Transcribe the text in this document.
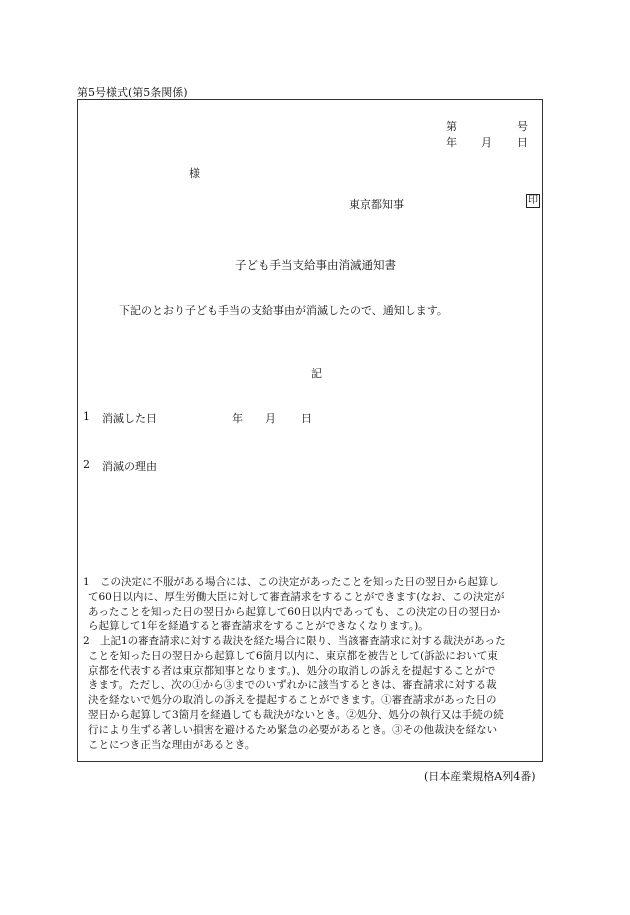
第5号様式(第5条関係)
第	号
年 月 日
様
東京都知事	印
子ども手当支給事由消滅通知書
下記のとおり子ども手当の支給事由が消滅したので、通知します。
記
1 消滅した日	年 月 日
2 消滅の理由
1 この決定に不服がある場合には、この決定があったことを知った日の翌日から起算し
て60日以内に、厚生労働大臣に対して審査請求をすることができます(なお、この決定が
あったことを知った日の翌日から起算して60日以内であっても、この決定の日の翌日か
ら起算して1年を経過すると審査請求をすることができなくなります。)。
2 上記1の審査請求に対する裁決を経た場合に限り、当該審査請求に対する裁決があった
ことを知った日の翌日から起算して6箇月以内に、東京都を被告として(訴訟において東
京都を代表する者は東京都知事となります。)、処分の取消しの訴えを提起することがで
きます。ただし、次の①から③までのいずれかに該当するときは、審査請求に対する裁
決を経ないで処分の取消しの訴えを提起することができます。①審査請求があった日の
翌日から起算して3箇月を経過しても裁決がないとき。②処分、処分の執行又は手続の続
行により生ずる著しい損害を避けるため緊急の必要があるとき。③その他裁決を経ない
ことにつき正当な理由があるとき。
(日本産業規格A列4番)
